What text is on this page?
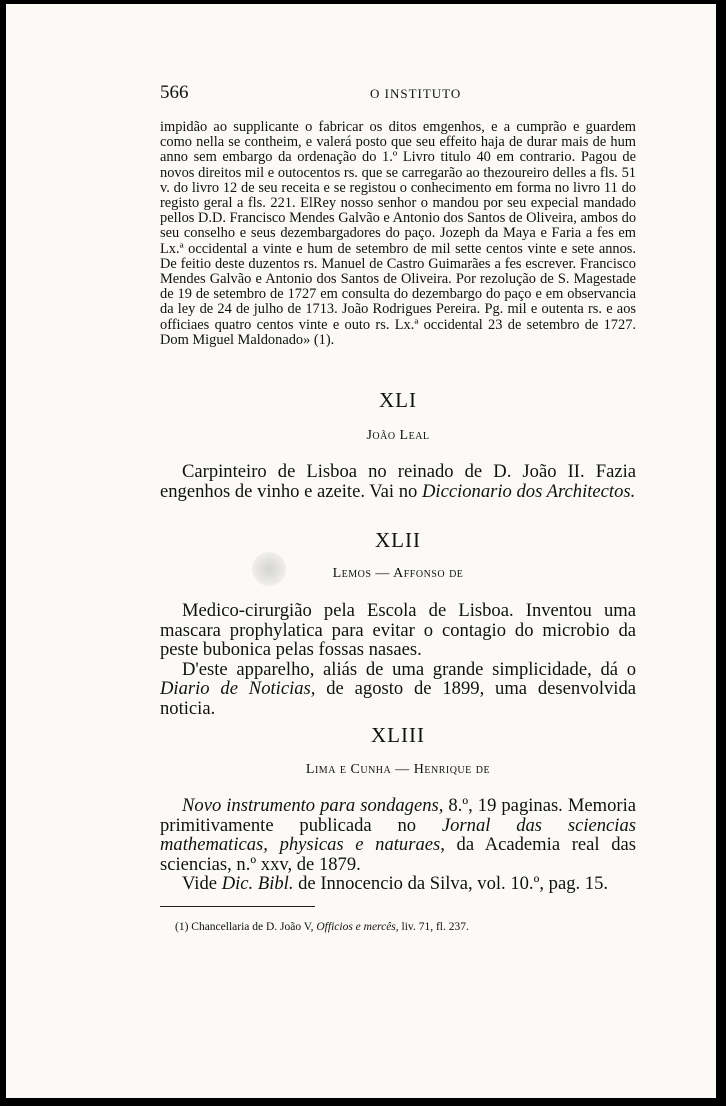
566	O INSTITUTO

impidão ao supplicante o fabricar os ditos emgenhos, e a cumprão e guardem como nella se contheim, e valerá posto que seu effeito haja de durar mais de hum anno sem embargo da ordenação do 1.º Livro titulo 40 em contrario. Pagou de novos direitos mil e outocentos rs. que se carregarão ao thezoureiro delles a fls. 51 v. do livro 12 de seu receita e se registou o conhecimento em forma no livro 11 do registo geral a fls. 221. ElRey nosso senhor o mandou por seu expecial mandado pellos D.D. Francisco Mendes Galvão e Antonio dos Santos de Oliveira, ambos do seu conselho e seus dezembargadores do paço. Jozeph da Maya e Faria a fes em Lx.ª occidental a vinte e hum de setembro de mil sette centos vinte e sete annos. De feitio deste duzentos rs. Manuel de Castro Guimarães a fes escrever. Francisco Mendes Galvão e Antonio dos Santos de Oliveira. Por rezolução de S. Magestade de 19 de setembro de 1727 em consulta do dezembargo do paço e em observancia da ley de 24 de julho de 1713. João Rodrigues Pereira. Pg. mil e outenta rs. e aos officiaes quatro centos vinte e outo rs. Lx.ª occidental 23 de setembro de 1727. Dom Miguel Maldonado» (1).

XLI
João Leal

Carpinteiro de Lisboa no reinado de D. João II. Fazia engenhos de vinho e azeite. Vai no Diccionario dos Architectos.

XLII
Lemos — Affonso de

Medico-cirurgião pela Escola de Lisboa. Inventou uma mascara prophylatica para evitar o contagio do microbio da peste bubonica pelas fossas nasaes.

D'este apparelho, aliás de uma grande simplicidade, dá o Diario de Noticias, de agosto de 1899, uma desenvolvida noticia.

XLIII
Lima e Cunha — Henrique de

Novo instrumento para sondagens, 8.º, 19 paginas. Memoria primitivamente publicada no Jornal das sciencias mathematicas, physicas e naturaes, da Academia real das sciencias, n.º xxv, de 1879.

Vide Dic. Bibl. de Innocencio da Silva, vol. 10.º, pag. 15.

(1) Chancellaria de D. João V, Officios e mercês, liv. 71, fl. 237.
